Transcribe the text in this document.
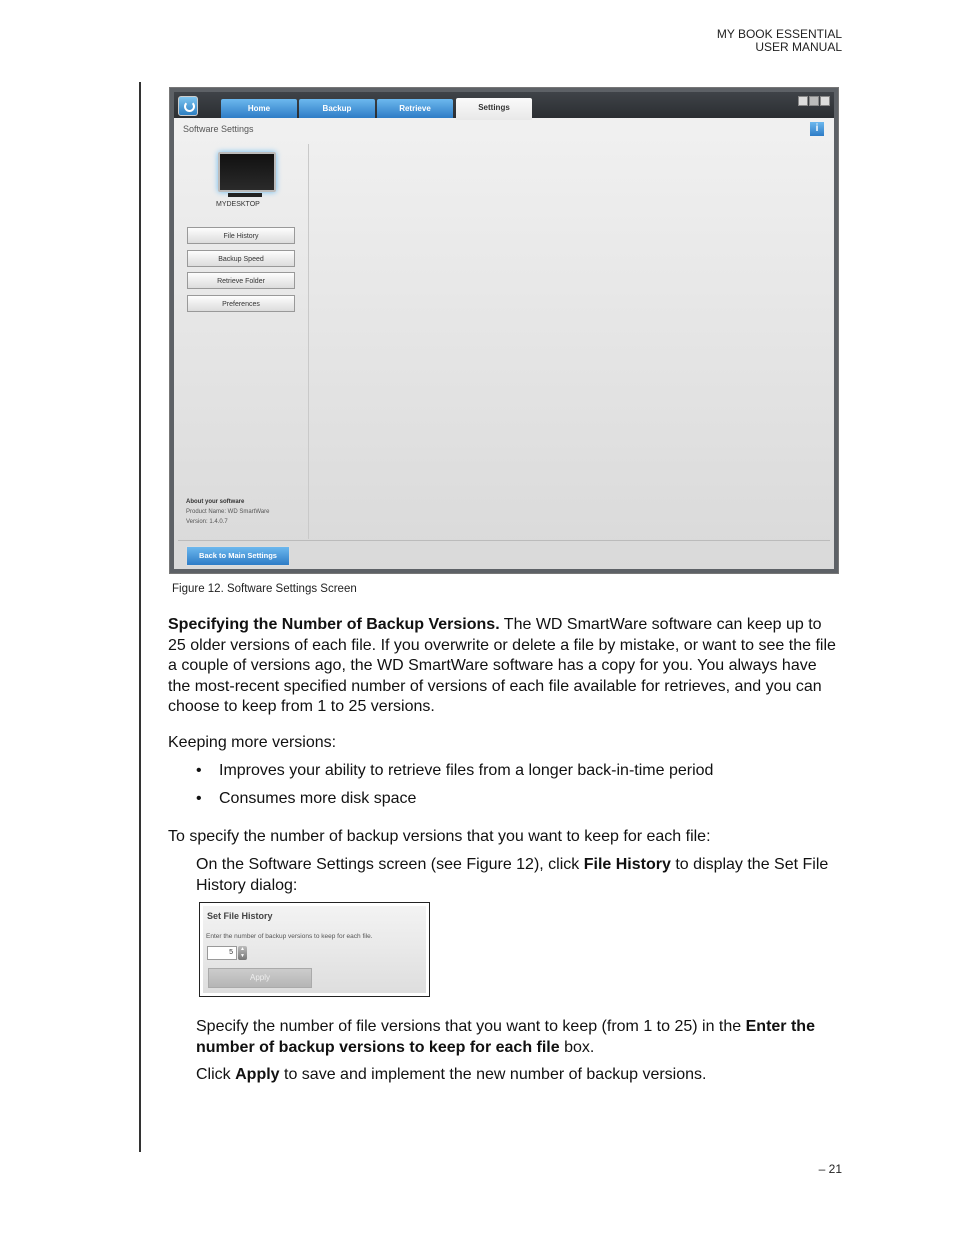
MY BOOK ESSENTIAL
USER MANUAL
Home	Backup	Retrieve	Settings
Software Settings	i
MYDESKTOP
File History
Backup Speed
Retrieve Folder
Preferences
About your software
Product Name: WD SmartWare
Version: 1.4.0.7
Back to Main Settings
Figure 12. Software Settings Screen
Specifying the Number of Backup Versions. The WD SmartWare software can keep up to 25 older versions of each file. If you overwrite or delete a file by mistake, or want to see the file a couple of versions ago, the WD SmartWare software has a copy for you. You always have the most-recent specified number of versions of each file available for retrieves, and you can choose to keep from 1 to 25 versions.
Keeping more versions:
• Improves your ability to retrieve files from a longer back-in-time period
• Consumes more disk space
To specify the number of backup versions that you want to keep for each file:
On the Software Settings screen (see Figure 12), click File History to display the Set File History dialog:
Set File History
Enter the number of backup versions to keep for each file.
5	▲
▼
Apply
Specify the number of file versions that you want to keep (from 1 to 25) in the Enter the number of backup versions to keep for each file box.
Click Apply to save and implement the new number of backup versions.
– 21
